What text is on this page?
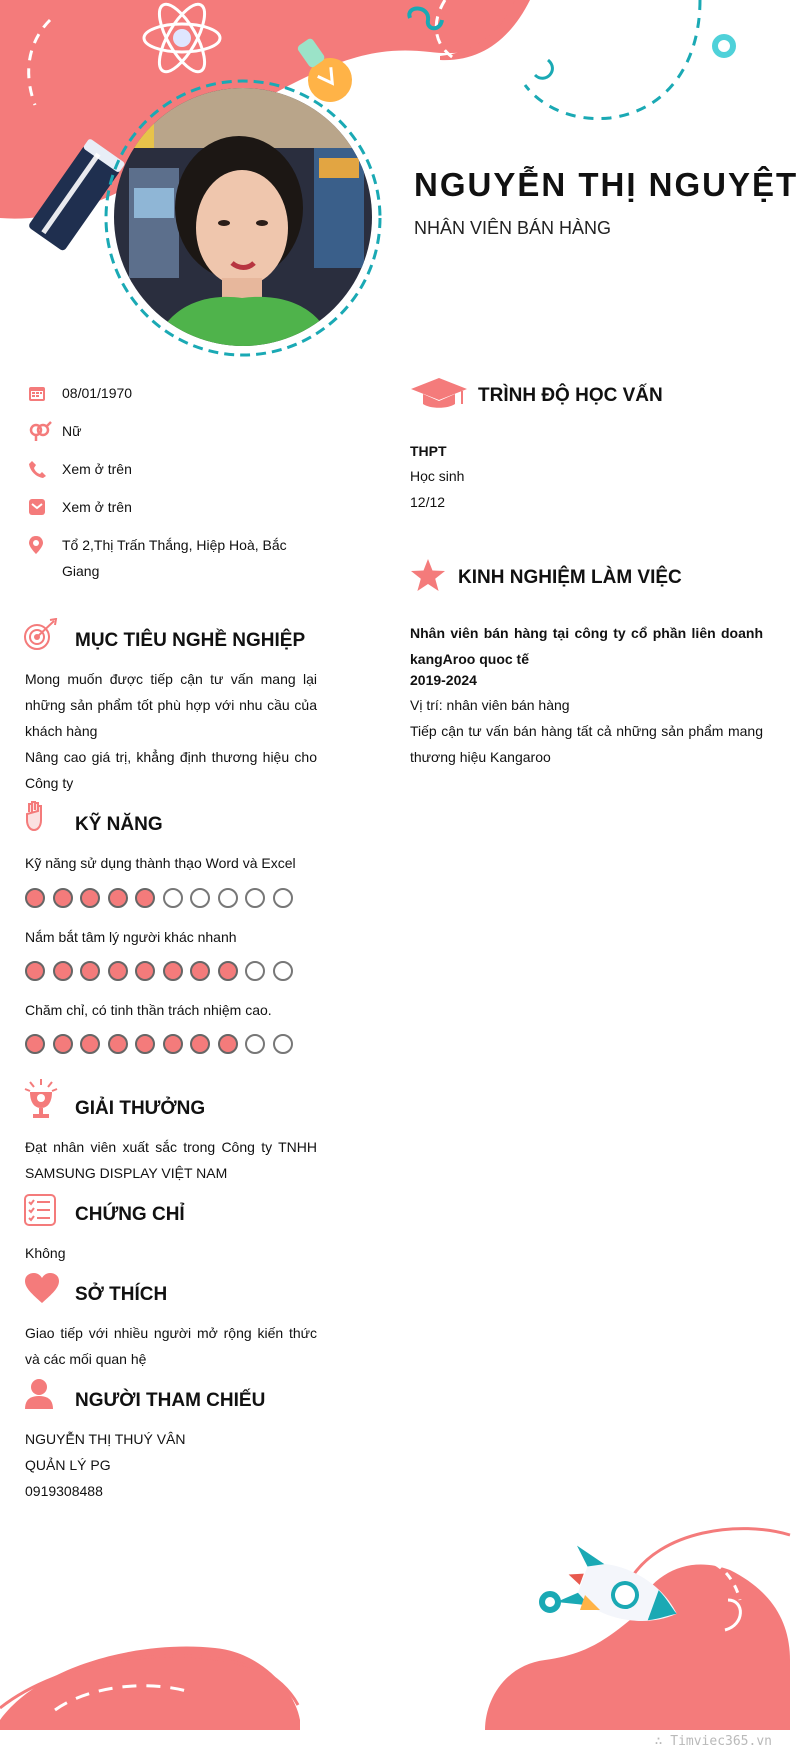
NGUYỄN THỊ NGUYỆT
NHÂN VIÊN BÁN HÀNG
08/01/1970
Nữ
Xem ở trên
Xem ở trên
Tổ 2,Thị Trấn Thắng, Hiệp Hoà, Bắc Giang
MỤC TIÊU NGHỀ NGHIỆP
Mong muốn được tiếp cận tư vấn mang lại những sản phẩm tốt phù hợp với nhu cầu của khách hàng
Nâng cao giá trị, khẳng định thương hiệu cho Công ty
KỸ NĂNG
Kỹ năng sử dụng thành thạo Word và Excel
Nắm bắt tâm lý người khác nhanh
Chăm chỉ, có tinh thần trách nhiệm cao.
GIẢI THƯỞNG
Đạt nhân viên xuất sắc trong Công ty TNHH SAMSUNG DISPLAY VIỆT NAM
CHỨNG CHỈ
Không
SỞ THÍCH
Giao tiếp với nhiều người mở rộng kiến thức và các mối quan hệ
NGƯỜI THAM CHIẾU
NGUYỄN THỊ THUÝ VÂN
QUẢN LÝ PG
0919308488
TRÌNH ĐỘ HỌC VẤN
THPT
Học sinh
12/12
KINH NGHIỆM LÀM VIỆC
Nhân viên bán hàng tại công ty cổ phần liên doanh kangAroo quoc tế
2019-2024
Vị trí: nhân viên bán hàng
Tiếp cận tư vấn bán hàng tất cả những sản phẩm mang thương hiệu Kangaroo
∴ Timviec365.vn
